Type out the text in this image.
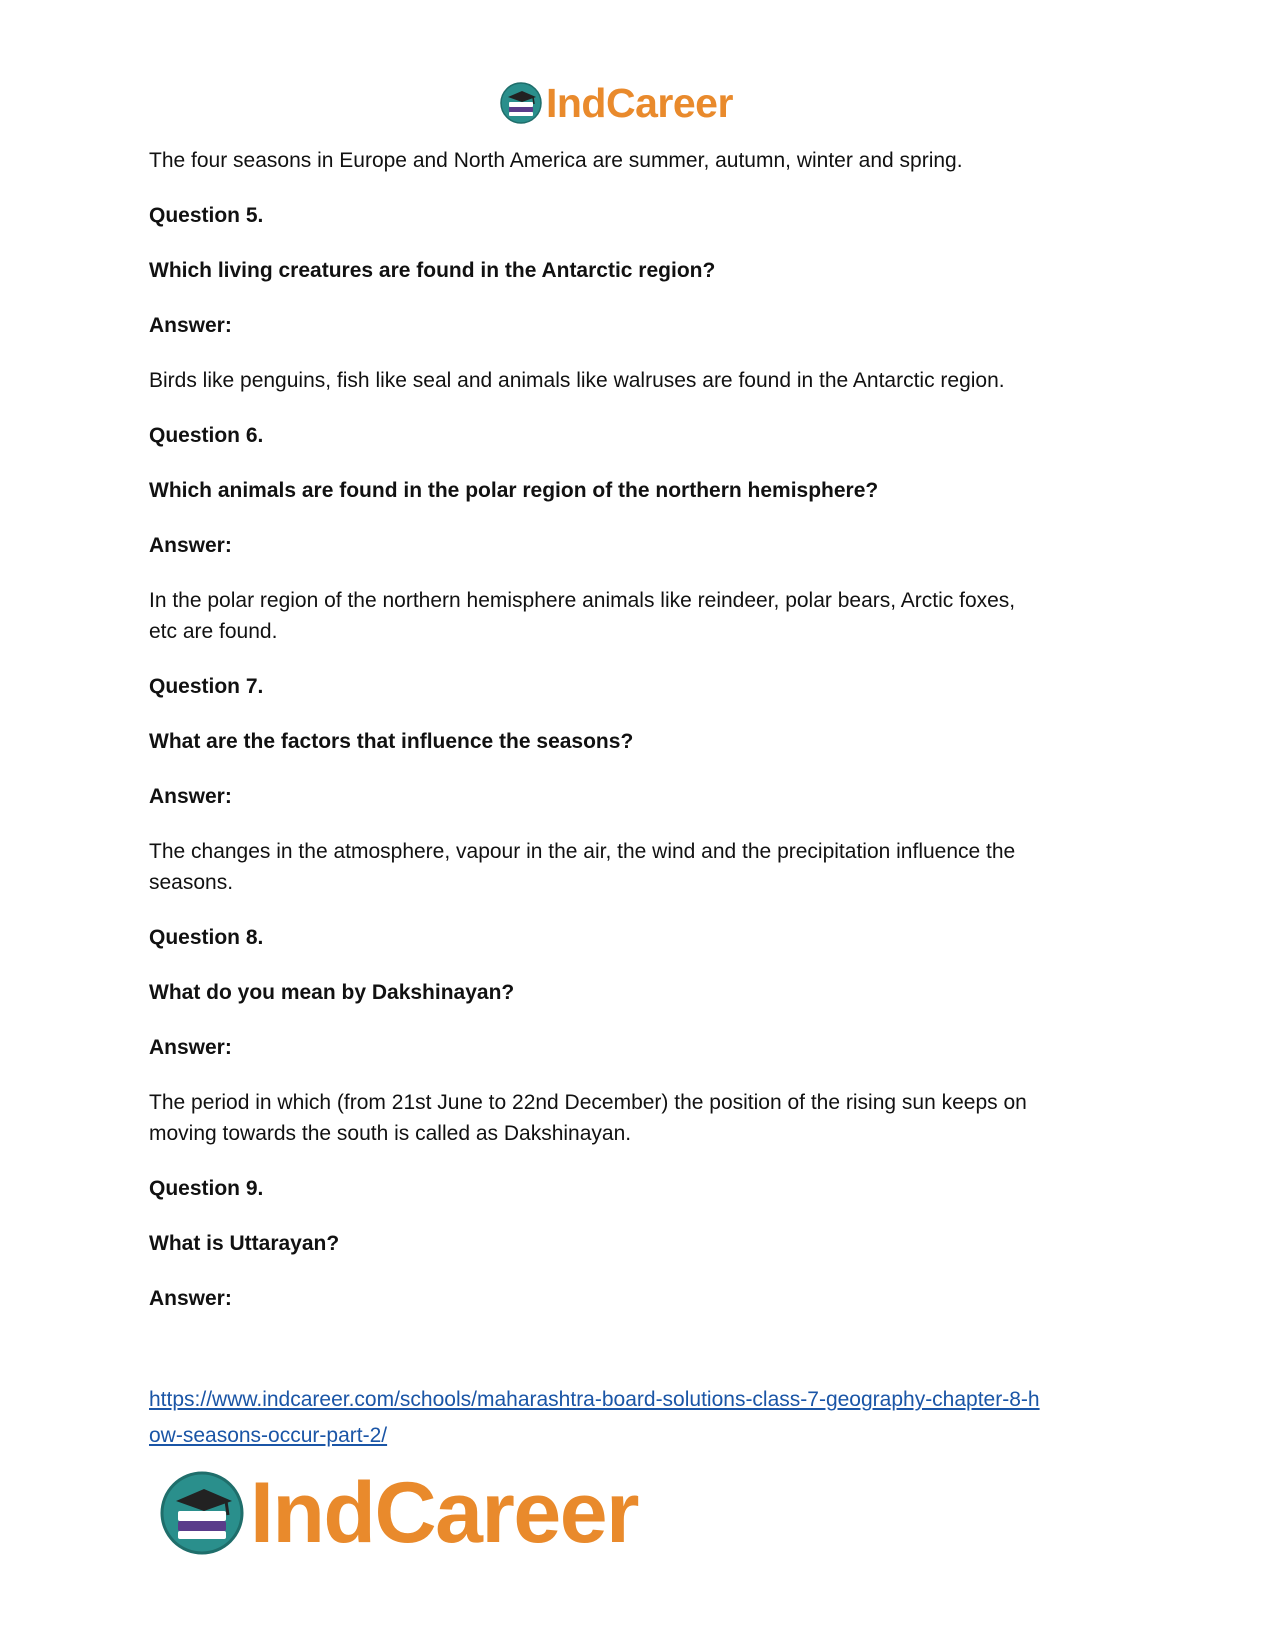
IndCareer

The four seasons in Europe and North America are summer, autumn, winter and spring.

Question 5.

Which living creatures are found in the Antarctic region?

Answer:

Birds like penguins, fish like seal and animals like walruses are found in the Antarctic region.

Question 6.

Which animals are found in the polar region of the northern hemisphere?

Answer:

In the polar region of the northern hemisphere animals like reindeer, polar bears, Arctic foxes,

etc are found.

Question 7.

What are the factors that influence the seasons?

Answer:

The changes in the atmosphere, vapour in the air, the wind and the precipitation influence the

seasons.

Question 8.

What do you mean by Dakshinayan?

Answer:

The period in which (from 21st June to 22nd December) the position of the rising sun keeps on

moving towards the south is called as Dakshinayan.

Question 9.

What is Uttarayan?

Answer:

https://www.indcareer.com/schools/maharashtra-board-solutions-class-7-geography-chapter-8-h
ow-seasons-occur-part-2/
IndCareer
